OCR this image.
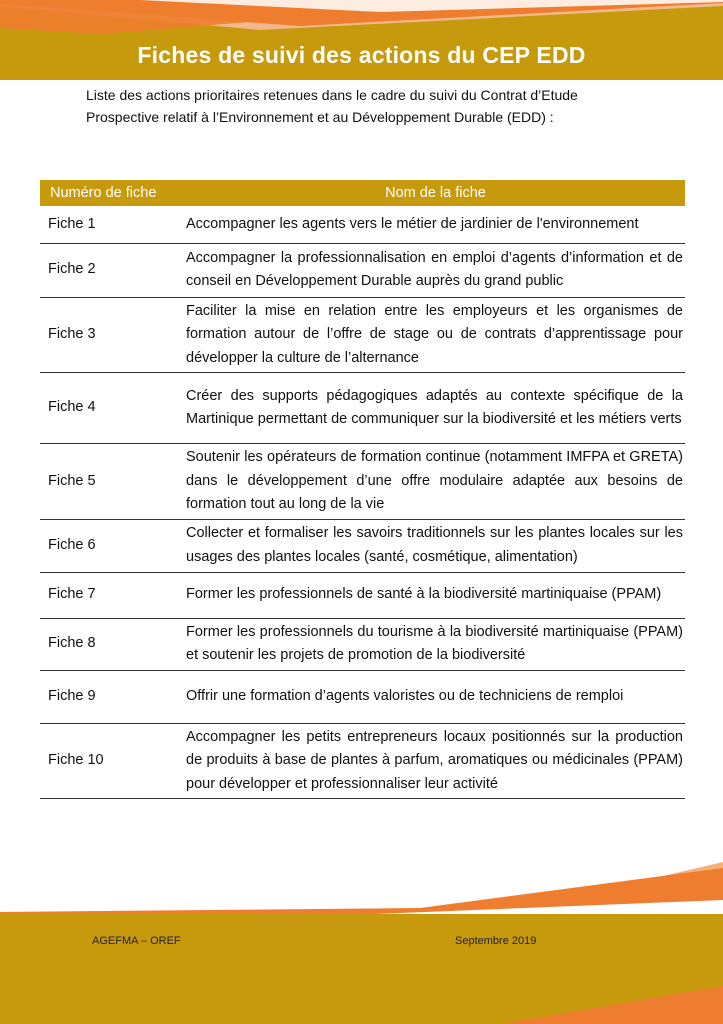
Fiches de suivi des actions du CEP EDD

Liste des actions prioritaires retenues dans le cadre du suivi du Contrat d’Etude

Prospective relatif à l’Environnement et au Développement Durable (EDD) :

Numéro de fiche	Nom de la fiche
Fiche 1	Accompagner les agents vers le métier de jardinier de l'environnement
Fiche 2	Accompagner la professionnalisation en emploi d’agents d’information et de conseil en Développement Durable auprès du grand public
Fiche 3	Faciliter la mise en relation entre les employeurs et les organismes de formation autour de l’offre de stage ou de contrats d’apprentissage pour développer la culture de l’alternance
Fiche 4	Créer des supports pédagogiques adaptés au contexte spécifique de la Martinique permettant de communiquer sur la biodiversité et les métiers verts
Fiche 5	Soutenir les opérateurs de formation continue (notamment IMFPA et GRETA) dans le développement d’une offre modulaire adaptée aux besoins de formation tout au long de la vie
Fiche 6	Collecter et formaliser les savoirs traditionnels sur les plantes locales sur les usages des plantes locales (santé, cosmétique, alimentation)
Fiche 7	Former les professionnels de santé à la biodiversité martiniquaise (PPAM)
Fiche 8	Former les professionnels du tourisme à la biodiversité martiniquaise (PPAM) et soutenir les projets de promotion de la biodiversité
Fiche 9	Offrir une formation d’agents valoristes ou de techniciens de remploi
Fiche 10	Accompagner les petits entrepreneurs locaux positionnés sur la production de produits à base de plantes à parfum, aromatiques ou médicinales (PPAM) pour développer et professionnaliser leur activité
AGEFMA – OREF	Septembre 2019
